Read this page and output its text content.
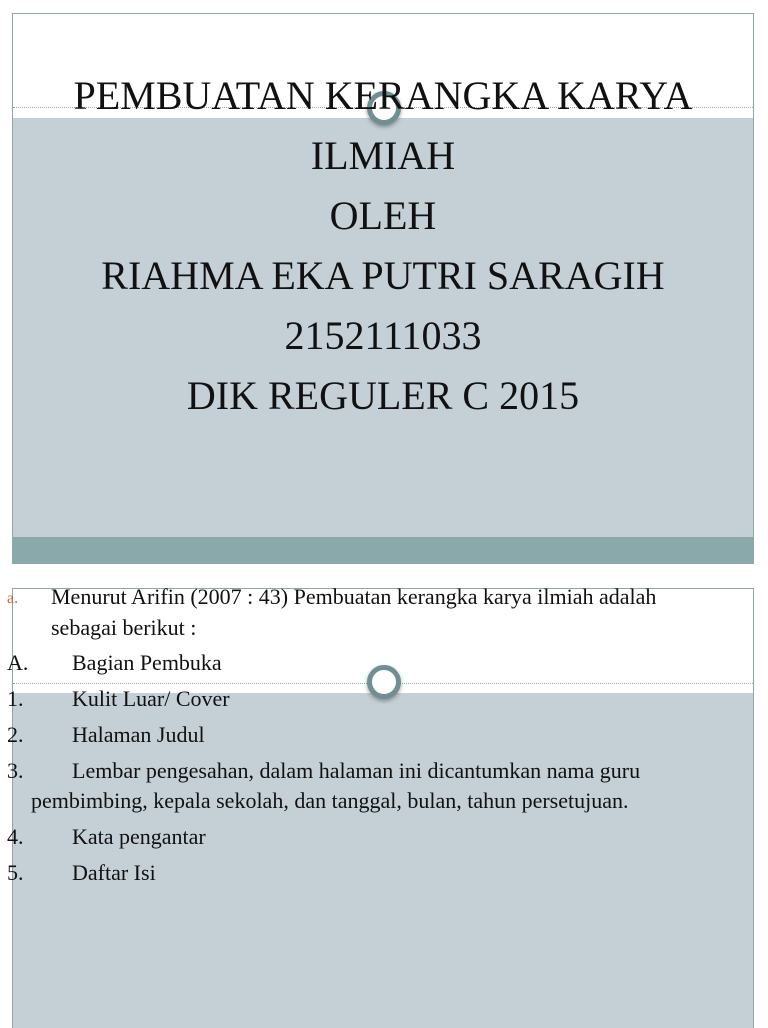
PEMBUATAN KERANGKA KARYA
ILMIAH
OLEH
RIAHMA EKA PUTRI SARAGIH
2152111033
DIK REGULER C 2015
a. Menurut Arifin (2007 : 43) Pembuatan kerangka karya ilmiah adalah
sebagai berikut :
A. Bagian Pembuka
1. Kulit Luar/ Cover
2. Halaman Judul
3. Lembar pengesahan, dalam halaman ini dicantumkan nama guru
pembimbing, kepala sekolah, dan tanggal, bulan, tahun persetujuan.
4. Kata pengantar
5. Daftar Isi
